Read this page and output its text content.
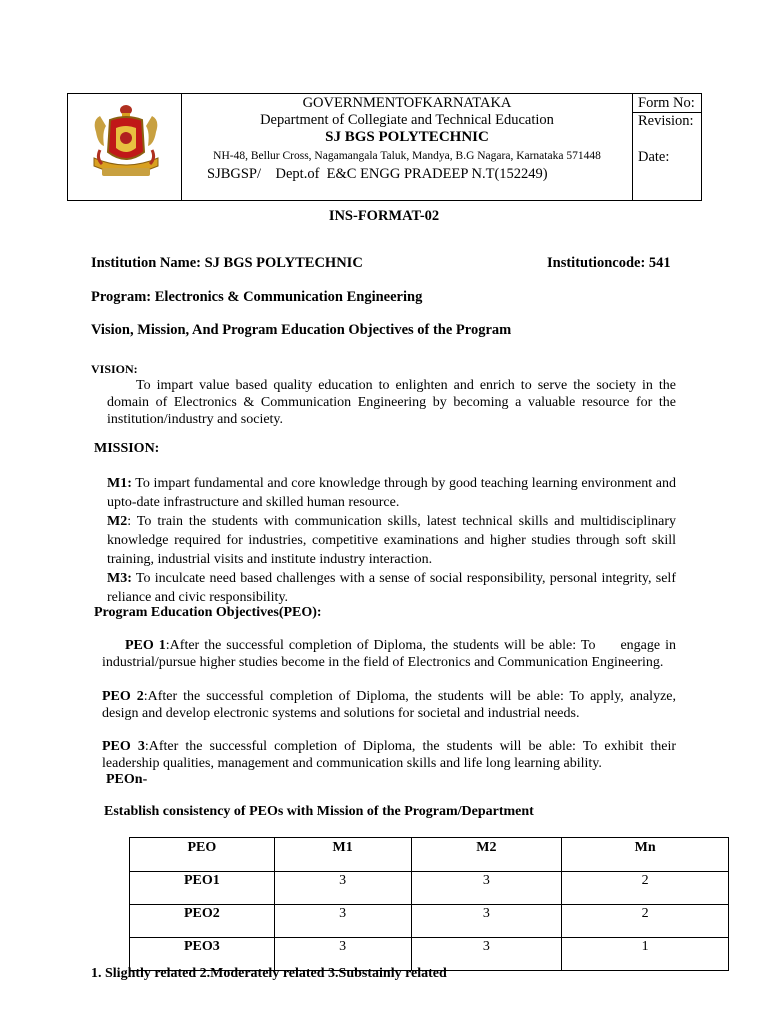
GOVERNMENTOFKARNATAKA
Department of Collegiate and Technical Education
SJ BGS POLYTECHNIC
NH-48, Bellur Cross, Nagamangala Taluk, Mandya, B.G Nagara, Karnataka 571448
SJBGSP/    Dept.of  E&C ENGG PRADEEP N.T(152249)
Form No:
Revision:
Date:
INS-FORMAT-02
Institution Name: SJ BGS POLYTECHNIC	Institutioncode: 541
Program: Electronics & Communication Engineering
Vision, Mission, And Program Education Objectives of the Program
VISION:
To impart value based quality education to enlighten and enrich to serve the society in the domain of Electronics & Communication Engineering by becoming a valuable resource for the institution/industry and society.
MISSION:

M1: To impart fundamental and core knowledge through by good teaching learning environment and upto-date infrastructure and skilled human resource.

M2: To train the students with communication skills, latest technical skills and multidisciplinary knowledge required for industries, competitive examinations and higher studies through soft skill training, industrial visits and institute industry interaction.

M3: To inculcate need based challenges with a sense of social responsibility, personal integrity, self reliance and civic responsibility.

Program Education Objectives(PEO):
PEO 1:After the successful completion of Diploma, the students will be able: To     engage in industrial/pursue higher studies become in the field of Electronics and Communication Engineering.
PEO 2:After the successful completion of Diploma, the students will be able: To apply, analyze, design and develop electronic systems and solutions for societal and industrial needs.
PEO 3:After the successful completion of Diploma, the students will be able: To exhibit their leadership qualities, management and communication skills and life long learning ability.
PEOn-
Establish consistency of PEOs with Mission of the Program/Department
PEO	M1	M2	Mn
PEO1	3	3	2
PEO2	3	3	2
PEO3	3	3	1
1. Slightly related 2.Moderately related 3.Substainly related
